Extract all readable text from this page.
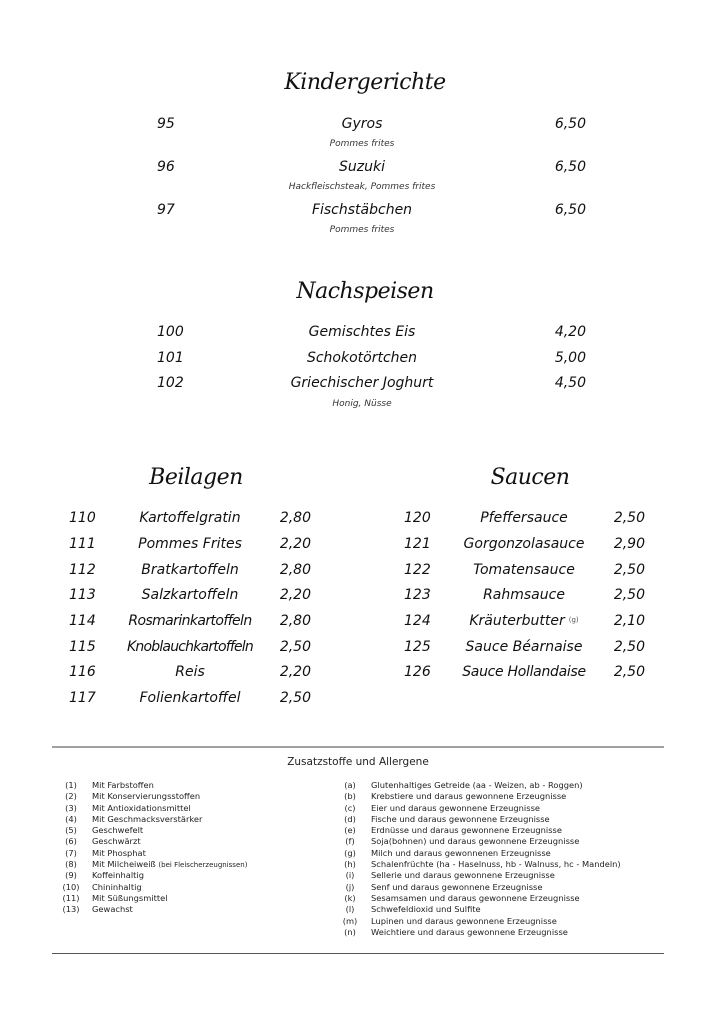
Kindergerichte
95	Gyros	6,50
Pommes frites
96	Suzuki	6,50
Hackfleischsteak, Pommes frites
97	Fischstäbchen	6,50
Pommes frites
Nachspeisen
100	Gemischtes Eis	4,20
101	Schokotörtchen	5,00
102	Griechischer Joghurt	4,50
Honig, Nüsse
Beilagen
110	Kartoffelgratin	2,80
111	Pommes Frites	2,20
112	Bratkartoffeln	2,80
113	Salzkartoffeln	2,20
114	Rosmarinkartoffeln	2,80
115	Knoblauchkartoffeln	2,50
116	Reis	2,20
117	Folienkartoffel	2,50
Saucen
120	Pfeffersauce	2,50
121	Gorgonzolasauce	2,90
122	Tomatensauce	2,50
123	Rahmsauce	2,50
124	Kräuterbutter $^{(g)}$	2,10
125	Sauce Béarnaise	2,50
126	Sauce Hollandaise	2,50
Zusatzstoffe und Allergene
(1)	Mit Farbstoffen
(2)	Mit Konservierungsstoffen
(3)	Mit Antioxidationsmittel
(4)	Mit Geschmacksverstärker
(5)	Geschwefelt
(6)	Geschwärzt
(7)	Mit Phosphat
(8)	Mit Milcheiweiß (bei Fleischerzeugnissen)
(9)	Koffeinhaltig
(10)	Chininhaltig
(11)	Mit Süßungsmittel
(13)	Gewachst
(a)	Glutenhaltiges Getreide (aa - Weizen, ab - Roggen)
(b)	Krebstiere und daraus gewonnene Erzeugnisse
(c)	Eier und daraus gewonnene Erzeugnisse
(d)	Fische und daraus gewonnene Erzeugnisse
(e)	Erdnüsse und daraus gewonnene Erzeugnisse
(f)	Soja(bohnen) und daraus gewonnene Erzeugnisse
(g)	Milch und daraus gewonnenen Erzeugnisse
(h)	Schalenfrüchte (ha - Haselnuss, hb - Walnuss, hc - Mandeln)
(i)	Sellerie und daraus gewonnene Erzeugnisse
(j)	Senf und daraus gewonnene Erzeugnisse
(k)	Sesamsamen und daraus gewonnene Erzeugnisse
(l)	Schwefeldioxid und Sulfite
(m)	Lupinen und daraus gewonnene Erzeugnisse
(n)	Weichtiere und daraus gewonnene Erzeugnisse
